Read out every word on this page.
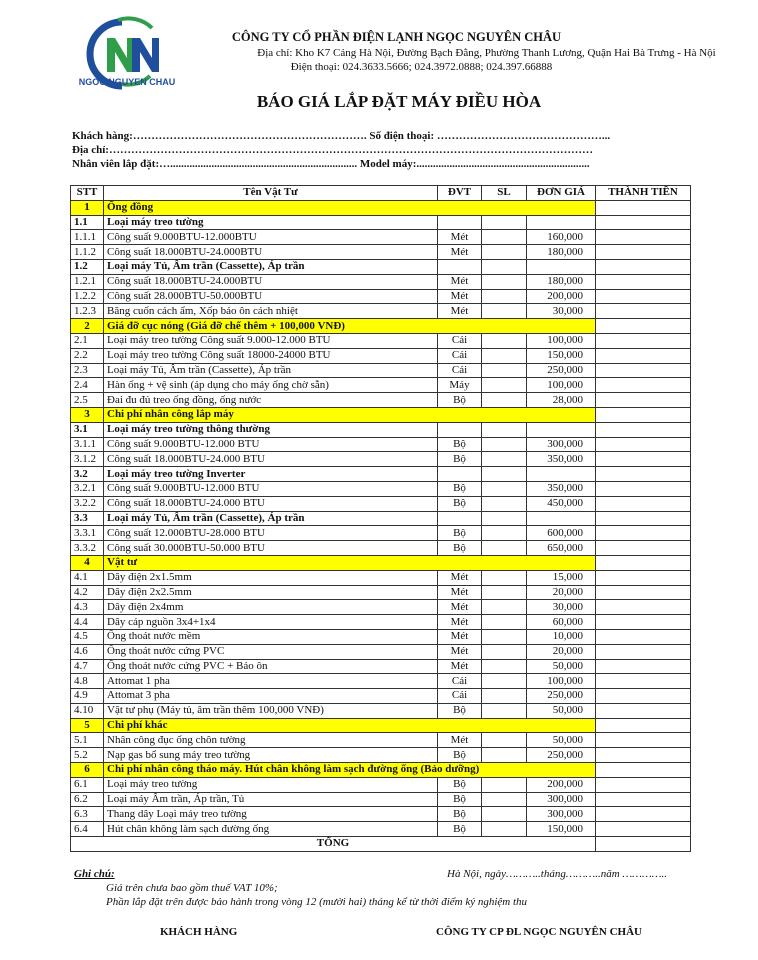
NGOC NGUYEN CHAU
CÔNG TY CỔ PHẦN ĐIỆN LẠNH NGỌC NGUYÊN CHÂU
Địa chỉ: Kho K7 Cảng Hà Nội, Đường Bạch Đằng, Phường Thanh Lương, Quận Hai Bà Trưng - Hà Nội
Điện thoại: 024.3633.5666; 024.3972.0888; 024.397.66888
BÁO GIÁ LẮP ĐẶT MÁY ĐIỀU HÒA
Khách hàng:………………………………………………………. Số điện thoại: ………………………………………...
Địa chỉ:……………………………………………………………………………………………………………………
Nhân viên lắp đặt:….................................................................... Model máy:...............................................................
STT	Tên Vật Tư	ĐVT	SL	ĐƠN GIÁ	THÀNH TIỀN
1	Ống đồng				
1.1	Loại máy treo tường				
1.1.1	Công suất 9.000BTU-12.000BTU	Mét		160,000	
1.1.2	Công suất 18.000BTU-24.000BTU	Mét		180,000	
1.2	Loại máy Tủ, Âm trần (Cassette), Áp trần				
1.2.1	Công suất 18.000BTU-24.000BTU	Mét		180,000	
1.2.2	Công suất 28.000BTU-50.000BTU	Mét		200,000	
1.2.3	Băng cuốn cách ẩm, Xốp bảo ôn cách nhiệt	Mét		30,000	
2	Giá đỡ cục nóng (Giá đỡ chế thêm + 100,000 VNĐ)				
2.1	Loại máy treo tường Công suất 9.000-12.000 BTU	Cái		100,000	
2.2	Loại máy treo tường Công suất 18000-24000 BTU	Cái		150,000	
2.3	Loại máy Tủ, Âm trần (Cassette), Áp trần	Cái		250,000	
2.4	Hàn ống + vệ sinh (áp dụng cho máy ống chờ sẵn)	Máy		100,000	
2.5	Đai đu đủ treo ống đồng, ống nước	Bộ		28,000	
3	Chi phí nhân công lắp máy				
3.1	Loại máy treo tường thông thường				
3.1.1	Công suất 9.000BTU-12.000 BTU	Bộ		300,000	
3.1.2	Công suất 18.000BTU-24.000 BTU	Bộ		350,000	
3.2	Loại máy treo tường Inverter				
3.2.1	Công suất 9.000BTU-12.000 BTU	Bộ		350,000	
3.2.2	Công suất 18.000BTU-24.000 BTU	Bộ		450,000	
3.3	Loại máy Tủ, Âm trần (Cassette), Áp trần				
3.3.1	Công suất 12.000BTU-28.000 BTU	Bộ		600,000	
3.3.2	Công suất 30.000BTU-50.000 BTU	Bộ		650,000	
4	Vật tư				
4.1	Dây điện 2x1.5mm	Mét		15,000	
4.2	Dây điện 2x2.5mm	Mét		20,000	
4.3	Dây điện 2x4mm	Mét		30,000	
4.4	Dây cáp nguồn 3x4+1x4	Mét		60,000	
4.5	Ống thoát nước mềm	Mét		10,000	
4.6	Ống thoát nước cứng PVC	Mét		20,000	
4.7	Ống thoát nước cứng PVC + Bảo ôn	Mét		50,000	
4.8	Attomat 1 pha	Cái		100,000	
4.9	Attomat 3 pha	Cái		250,000	
4.10	Vật tư phụ (Máy tủ, âm trần thêm 100,000 VNĐ)	Bộ		50,000	
5	Chi phí khác				
5.1	Nhân công đục ống chôn tường	Mét		50,000	
5.2	Nạp gas bổ sung máy treo tường	Bộ		250,000	
6	Chi phí nhân công tháo máy. Hút chân không làm sạch đường ống (Bảo dưỡng)				
6.1	Loại máy treo tường	Bộ		200,000	
6.2	Loại máy Âm trần, Áp trần, Tủ	Bộ		300,000	
6.3	Thang dây Loại máy treo tường	Bộ		300,000	
6.4	Hút chân không làm sạch đường ống	Bộ		150,000	
TỔNG					
Ghi chú:
Giá trên chưa bao gồm thuế VAT 10%;
Phần lắp đặt trên được bảo hành trong vòng 12 (mười hai) tháng kể từ thời điểm ký nghiệm thu
Hà Nội, ngày………..tháng………..năm …………..
KHÁCH HÀNG	CÔNG TY CP ĐL NGỌC NGUYÊN CHÂU
